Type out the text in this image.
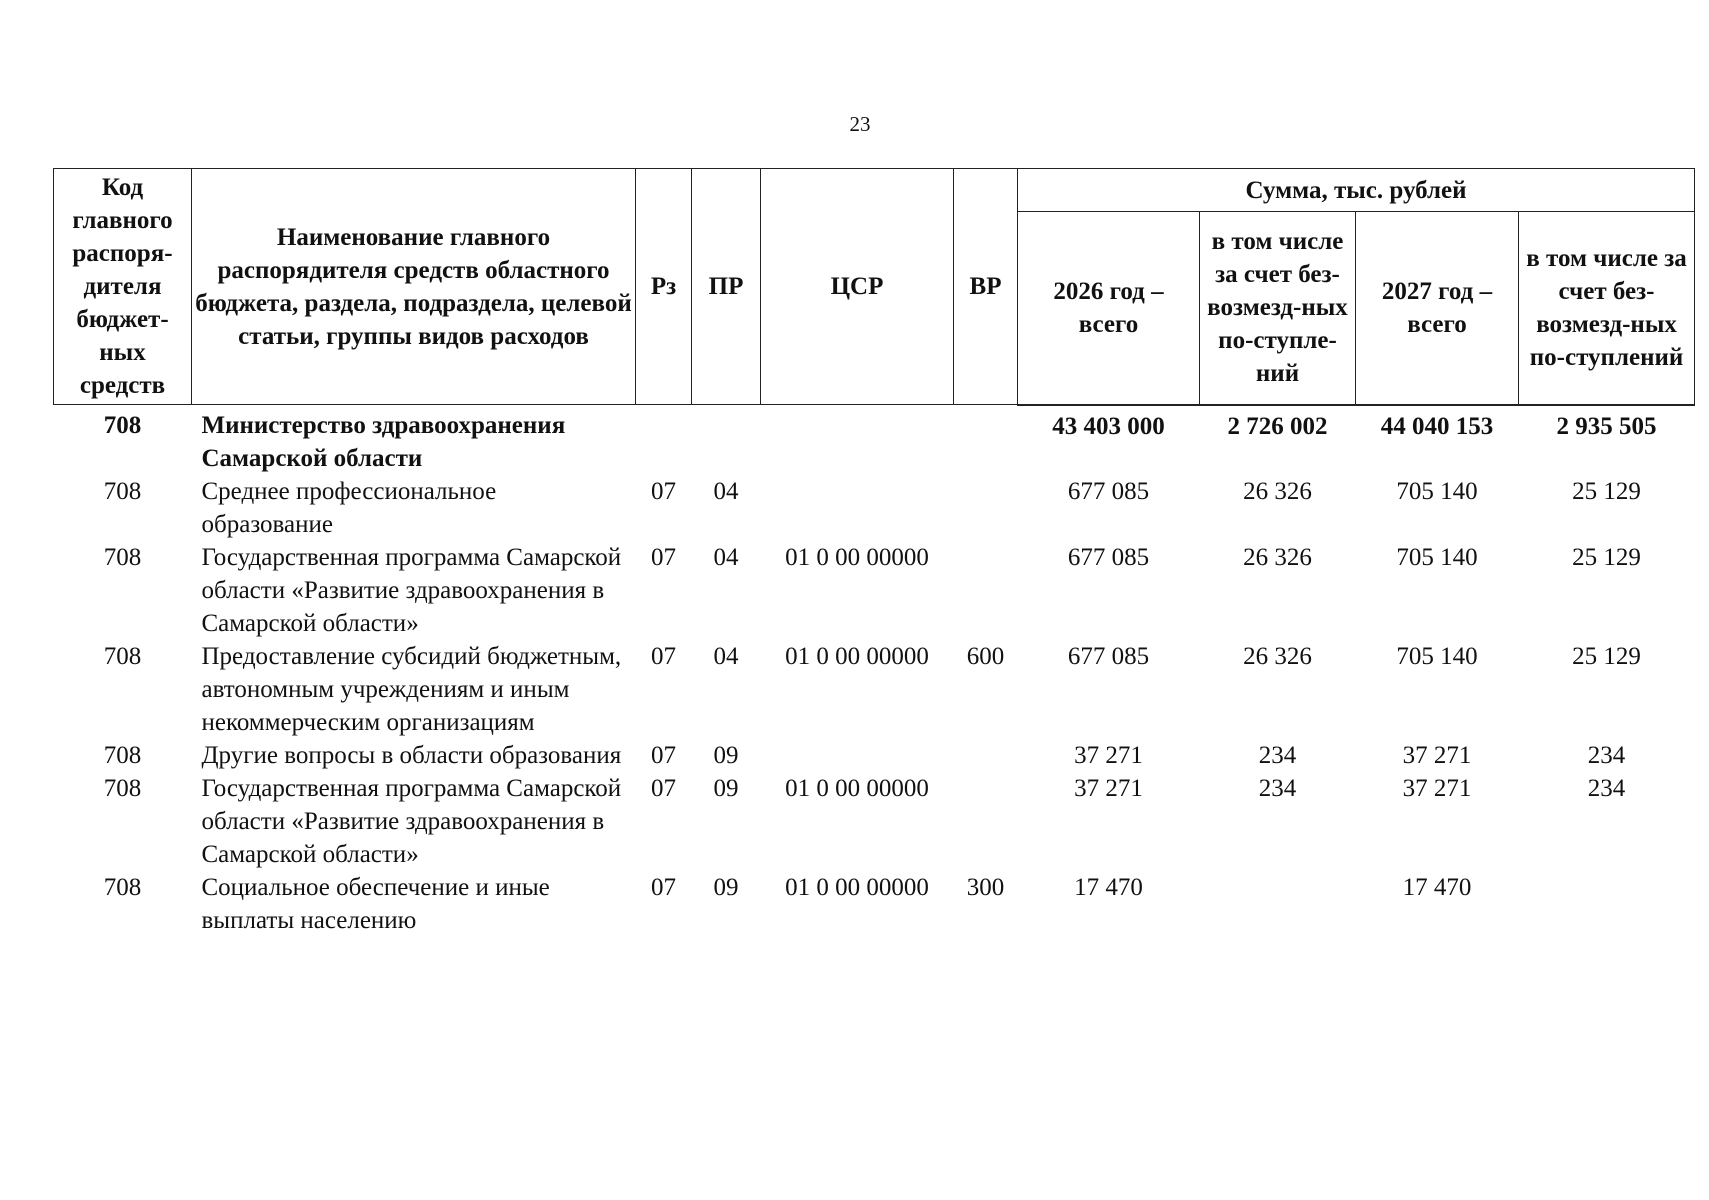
23
Код главного распоря-дителя бюджет-ных средств	Наименование главного распорядителя средств областного бюджета, раздела, подраздела, целевой статьи, группы видов расходов	Рз	ПР	ЦСР	ВР	Сумма, тыс. рублей			
						2026 год – всего	в том числе за счет без-возмезд-ных по-ступле-ний	2027 год – всего	в том числе за счет без-возмезд-ных по-ступлений
708	Министерство здравоохранения Самарской области					43 403 000	2 726 002	44 040 153	2 935 505
708	Среднее профессиональное образование	07	04			677 085	26 326	705 140	25 129
708	Государственная программа Самарской области «Развитие здравоохранения в Самарской области»	07	04	01 0 00 00000		677 085	26 326	705 140	25 129
708	Предоставление субсидий бюджетным, автономным учреждениям и иным некоммерческим организациям	07	04	01 0 00 00000	600	677 085	26 326	705 140	25 129
708	Другие вопросы в области образования	07	09			37 271	234	37 271	234
708	Государственная программа Самарской области «Развитие здравоохранения в Самарской области»	07	09	01 0 00 00000		37 271	234	37 271	234
708	Социальное обеспечение и иные выплаты населению	07	09	01 0 00 00000	300	17 470		17 470	
